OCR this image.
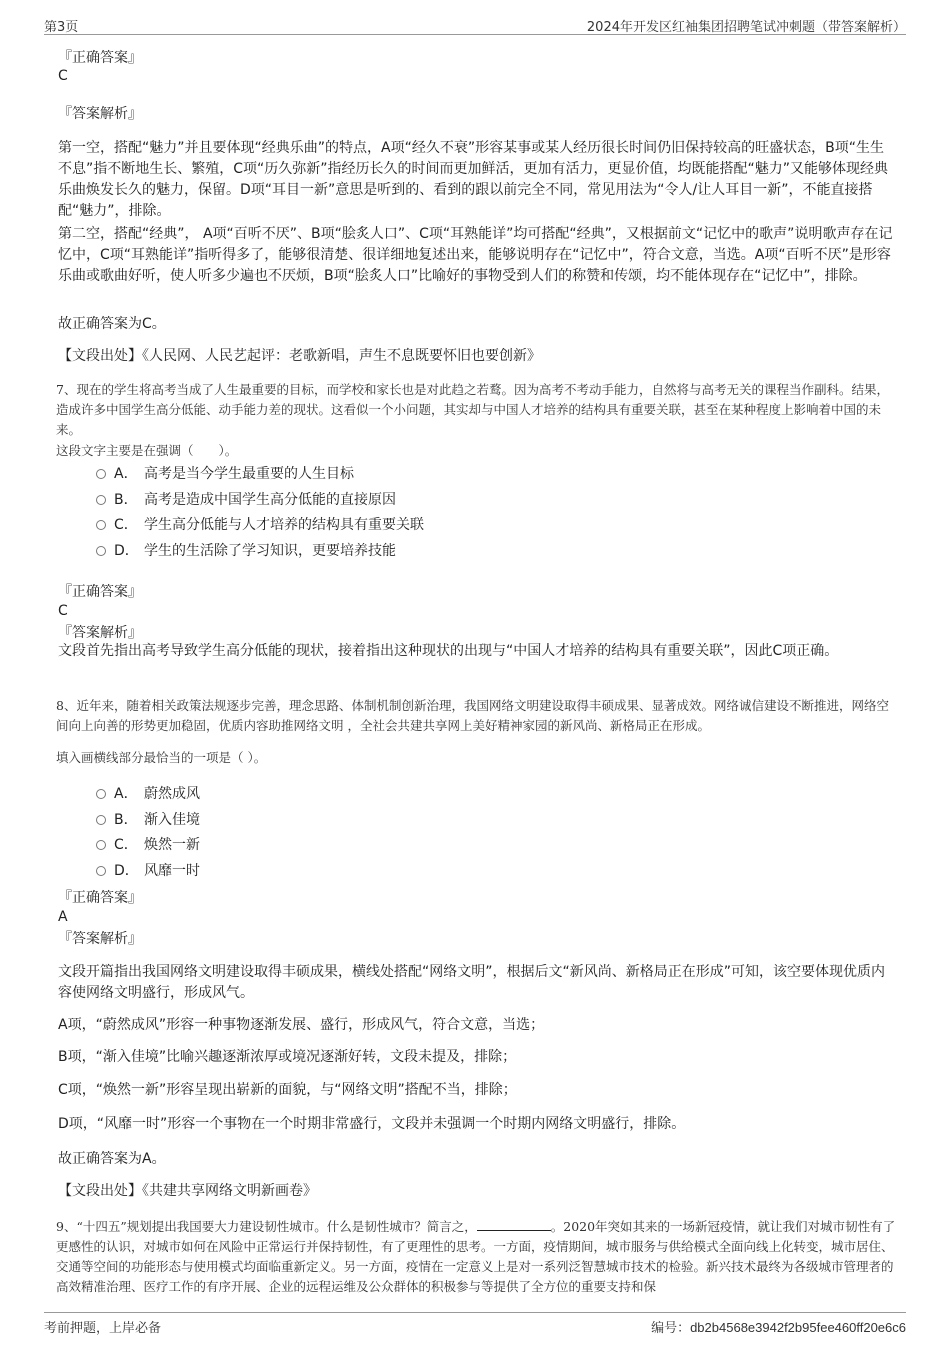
第3页	2024年开发区红袖集团招聘笔试冲刺题（带答案解析）

『正确答案』

C

『答案解析』

第一空，搭配“魅力”并且要体现“经典乐曲”的特点，A项“经久不衰”形容某事或某人经历很长时间仍旧保持较高的旺盛状态，B项“生生不息”指不断地生长、繁殖，C项“历久弥新”指经历长久的时间而更加鲜活，更加有活力，更显价值，均既能搭配“魅力”又能够体现经典乐曲焕发长久的魅力，保留。D项“耳目一新”意思是听到的、看到的跟以前完全不同，常见用法为“令人/让人耳目一新”，不能直接搭配“魅力”，排除。

第二空，搭配“经典”， A项“百听不厌”、B项“脍炙人口”、C项“耳熟能详”均可搭配“经典”，又根据前文“记忆中的歌声”说明歌声存在记忆中，C项“耳熟能详”指听得多了，能够很清楚、很详细地复述出来，能够说明存在“记忆中”，符合文意，当选。A项“百听不厌”是形容乐曲或歌曲好听，使人听多少遍也不厌烦，B项“脍炙人口”比喻好的事物受到人们的称赞和传颂，均不能体现存在“记忆中”，排除。

故正确答案为C。

【文段出处】《人民网、人民艺起评：老歌新唱，声生不息既要怀旧也要创新》

7、现在的学生将高考当成了人生最重要的目标，而学校和家长也是对此趋之若鹜。因为高考不考动手能力，自然将与高考无关的课程当作副科。结果，造成许多中国学生高分低能、动手能力差的现状。这看似一个小问题，其实却与中国人才培养的结构具有重要关联，甚至在某种程度上影响着中国的未来。

这段文字主要是在强调（　　）。

A． 高考是当今学生最重要的人生目标
B． 高考是造成中国学生高分低能的直接原因
C． 学生高分低能与人才培养的结构具有重要关联
D． 学生的生活除了学习知识，更要培养技能

『正确答案』

C

『答案解析』

文段首先指出高考导致学生高分低能的现状，接着指出这种现状的出现与“中国人才培养的结构具有重要关联”，因此C项正确。

8、近年来，随着相关政策法规逐步完善，理念思路、体制机制创新治理，我国网络文明建设取得丰硕成果、显著成效。网络诚信建设不断推进，网络空间向上向善的形势更加稳固，优质内容助推网络文明 ，全社会共建共享网上美好精神家园的新风尚、新格局正在形成。

填入画横线部分最恰当的一项是（ ）。

A． 蔚然成风
B． 渐入佳境
C． 焕然一新
D． 风靡一时

『正确答案』

A

『答案解析』

文段开篇指出我国网络文明建设取得丰硕成果，横线处搭配“网络文明”，根据后文“新风尚、新格局正在形成”可知，该空要体现优质内容使网络文明盛行，形成风气。

A项，“蔚然成风”形容一种事物逐渐发展、盛行，形成风气，符合文意，当选；

B项，“渐入佳境”比喻兴趣逐渐浓厚或境况逐渐好转，文段未提及，排除；

C项，“焕然一新”形容呈现出崭新的面貌，与“网络文明”搭配不当，排除；

D项，“风靡一时”形容一个事物在一个时期非常盛行，文段并未强调一个时期内网络文明盛行，排除。

故正确答案为A。

【文段出处】《共建共享网络文明新画卷》

9、“十四五”规划提出我国要大力建设韧性城市。什么是韧性城市？简言之，	。2020年突如其来的一场新冠疫情，就让我们对城市韧性有了更感性的认识，对城市如何在风险中正常运行并保持韧性，有了更理性的思考。一方面，疫情期间，城市服务与供给模式全面向线上化转变，城市居住、交通等空间的功能形态与使用模式均面临重新定义。另一方面，疫情在一定意义上是对一系列泛智慧城市技术的检验。新兴技术最终为各级城市管理者的高效精准治理、医疗工作的有序开展、企业的远程运维及公众群体的积极参与等提供了全方位的重要支持和保

考前押题，上岸必备	编号：db2b4568e3942f2b95fee460ff20e6c6
